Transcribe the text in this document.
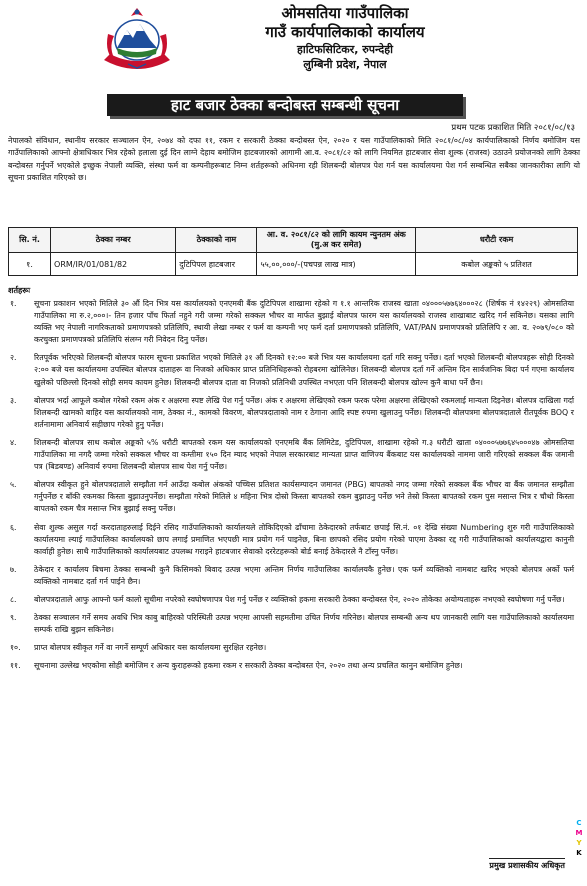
ओमसतिया गाउँपालिका
गाउँ कार्यपालिकाको कार्यालय
हाटिफसिटिकर, रुपन्देही
लुम्बिनी प्रदेश, नेपाल
हाट बजार ठेक्का बन्दोबस्त सम्बन्धी सूचना
प्रथम पटक प्रकाशित मिति २०८१/०८/१३
नेपालको संविधान, स्थानीय सरकार सञ्चालन ऐन, २०७४ को दफा ११, रकम र सरकारी ठेक्का बन्दोबस्त ऐन, २०२० र यस गाउँपालिकाको मिति २०८१/०८/०४ कार्यपालिकाको निर्णय बमोजिम यस गाउँपालिकाको आफ्नो क्षेत्राधिकार भित्र रहेको हलाला दुई दिन लाग्ने देहाय बमोजिम हाटबजारको आगामी आ.व. २०८१/८२ को लागि नियमित हाटबजार सेवा शुल्क (राजस्व) उठाउने प्रयोजनको लागि ठेक्का बन्दोबस्त गर्नुपर्ने भएकोले इच्छुक नेपाली व्यक्ति, संस्था फर्म वा कम्पनीहरूबाट निम्न शर्तहरूको अधिनमा रही शिलबन्दी बोलपत्र पेश गर्न यस कार्यालयमा पेश गर्न सम्बन्धित सबैका जानकारीका लागि यो सूचना प्रकाशित गरिएको छ।
सि. नं.	ठेक्का नम्बर	ठेक्काको नाम	आ. व. २०८१/८२ को लागि कायम न्युनतम अंक (मु.अ कर समेत)	धरौटी रकम
१.	ORM/IR/01/081/82	दुटिपिपल हाटबजार	५५,००,०००/-(पचपन्न लाख मात्र)	कबोल अङ्कको ५ प्रतिशत
शर्तहरूः
१. सूचना प्रकाशन भएको मितिले ३० औं दिन भित्र यस कार्यालयको एनएमबी बैंक दुटिपिपल शाखामा रहेको ग १.१ आन्तरिक राजस्व खाता ०४०००५७७६४०००२८ (शिर्षक नं १४२२९) ओमसतिया गाउँपालिका मा रु.२,०००।- तिन हजार पाँच फिर्ता नहुने गरी जम्मा गरेको सक्कल भौचर वा मार्फत बुझाई बोलपत्र फारम यस कार्यालयको राजस्व शाखाबाट खरिद गर्न सकिनेछ। यसका लागि व्यक्ति भए नेपाली नागरिकताको प्रमाणपत्रको प्रतिलिपि, स्थायी लेखा नम्बर र फर्म वा कम्पनी भए फर्म दर्ता प्रमाणपत्रको प्रतिलिपि, VAT/PAN प्रमाणपत्रको प्रतिलिपि र आ. व. २०७९/०८० को करचुक्ता प्रमाणपत्रको प्रतिलिपि संलग्न गरी निवेदन दिनु पर्नेछ।
२. रितपूर्वक भरिएको शिलबन्दी बोलपत्र फारम सूचना प्रकाशित भएको मितिले ३१ औं दिनको १२:०० बजे भित्र यस कार्यालयमा दर्ता गरि सक्नु पर्नेछ। दर्ता भएको शिलबन्दी बोलपत्रहरू सोही दिनको २:०० बजे यस कार्यालयमा उपस्थित बोलपत्र दाताहरू वा निजको अधिकार प्राप्त प्रतिनिधिहरूको रोहबरमा खोलिनेछ। शिलबन्दी बोलपत्र दर्ता गर्ने अन्तिम दिन सार्वजनिक बिदा पर्न गएमा कार्यालय खुलेको पछिल्लो दिनको सोही समय कायम हुनेछ। शिलबन्दी बोलपत्र दाता वा निजको प्रतिनिधी उपस्थित नभएता पनि शिलबन्दी बोलपत्र खोल्न कुनै बाधा पर्ने छैन।
३. बोलपत्र भर्दा आफूले कबोल गरेको रकम अंक र अक्षरमा स्पष्ट लेखि पेश गर्नु पर्नेछ। अंक र अक्षरमा लेखिएको रकम फरक परेमा अक्षरमा लेखिएको रकमलाई मान्यता दिइनेछ। बोलपत्र दाखिला गर्दा शिलबन्दी खामको बाहिर यस कार्यालयको नाम, ठेक्का नं., कामको विवरण, बोलपत्रदाताको नाम र ठेगाना आदि स्पष्ट रुपमा खुलाउनु पर्नेछ। शिलबन्दी बोलपत्रमा बोलपत्रदाताले रीतपूर्वक BOQ र शर्तनामामा अनिवार्य सहीछाप गरेको हुनु पर्नेछ।
४. शिलबन्दी बोलपत्र साथ कबोल अङ्कको ५% धरौटी बापतको रकम यस कार्यालयको एनएमबि बैंक लिमिटेड, दुटिपिपल, शाखामा रहेको ग.३ धरौटी खाता ०४०००५७७६४५०००४७ ओमसतिया गाउँपालिका मा नगदै जम्मा गरेको सक्कल भौचर वा कम्तीमा १५० दिन म्याद भएको नेपाल सरकारबाट मान्यता प्राप्त वाणिज्य बैंकबाट यस कार्यालयको नाममा जारी गरिएको सक्कल बैंक जमानी पत्र (बिडबण्ड) अनिवार्य रुपमा शिलबन्दी बोलपत्र साथ पेश गर्नु पर्नेछ।
५. बोलपत्र स्वीकृत हुने बोलपत्रदाताले सम्झौता गर्न आउँदा कबोल अंकको पच्चिस प्रतिशत कार्यसम्पादन जमानत (PBG) बापतको नगद जम्मा गरेको सक्कल बैंक भौचर वा बैंक जमानत सम्झौता गर्नुपर्नेछ र बाँकी रकमका किस्ता बुझाउनुपर्नेछ। सम्झौता गरेको मितिले ४ महिना भित्र दोस्रो किस्ता बापतको रकम बुझाउनु पर्नेछ भने तेस्रो किस्ता बापतको रकम पुस मसान्त भित्र र चौथो किस्ता बापतको रकम चैत्र मसान्त भित्र बुझाई सक्नु पर्नेछ।
६. सेवा शुल्क असुल गर्दा करदाताहरुलाई दिईने रसिद गाउँपालिकाको कार्यालयले तोकिदिएको ढाँचामा ठेकेदारको तर्फबाट छपाई सि.नं. ०१ देखि संख्या Numbering शुरु गरी गाउँपालिकाको कार्यालयमा ल्याई गाउँपालिका कार्यालयको छाप लगाई प्रमाणित भएपछी मात्र प्रयोग गर्न पाइनेछ, बिना छापको रसिद प्रयोग गरेको पाएमा ठेक्का रद्द गरी गाउँपालिकाको कार्यालयद्वारा कानुनी कार्वाही हुनेछ। साथै गाउँपालिकाको कार्यालयबाट उपलब्ध गराइने हाटबजार सेवाको दररेटहरूको बोर्ड बनाई ठेकेदारले नै टाँस्नु पर्नेछ।
७. ठेकेदार र कार्यालय बिचमा ठेक्का सम्बन्धी कुनै किसिमको बिवाद उत्पन्न भएमा अन्तिम निर्णय गाउँपालिका कार्यालयकै हुनेछ। एक फर्म व्यक्तिको नामबाट खरिद भएको बोलपत्र अर्को फर्म व्यक्तिको नामबाट दर्ता गर्न पाईने छैन।
८. बोलपत्रदाताले आफु आफ्नो फर्म कालो सूचीमा नपरेको स्वघोषणापत्र पेश गर्नु पर्नेछ र व्यक्तिको हकमा सरकारी ठेक्का बन्दोबस्त ऐन, २०२० तोकेका अयोग्यताहरू नभएको स्वघोषणा गर्नु पर्नेछ।
९. ठेक्का सञ्चालन गर्ने समय अवधि भित्र काबु बाहिरको परिस्थिती उत्पन्न भएमा आपसी सहमतीमा उचित निर्णय गरिनेछ। बोलपत्र सम्बन्धी अन्य थप जानकारी लागि यस गाउँपालिकाको कार्यालयमा सम्पर्क राखि बुझन सकिनेछ।
१०. प्राप्त बोलपत्र स्वीकृत गर्ने वा नगर्ने सम्पूर्ण अधिकार यस कार्यालयमा सुरक्षित रहनेछ।
११. सूचनामा उल्लेख भएकोमा सोही बमोजिम र अन्य कुराहरूको हकमा रकम र सरकारी ठेक्का बन्दोबस्त ऐन, २०२० तथा अन्य प्रचलित कानुन बमोजिम हुनेछ।
प्रमुख प्रशासकीय अधिकृत
C
M
Y
K
